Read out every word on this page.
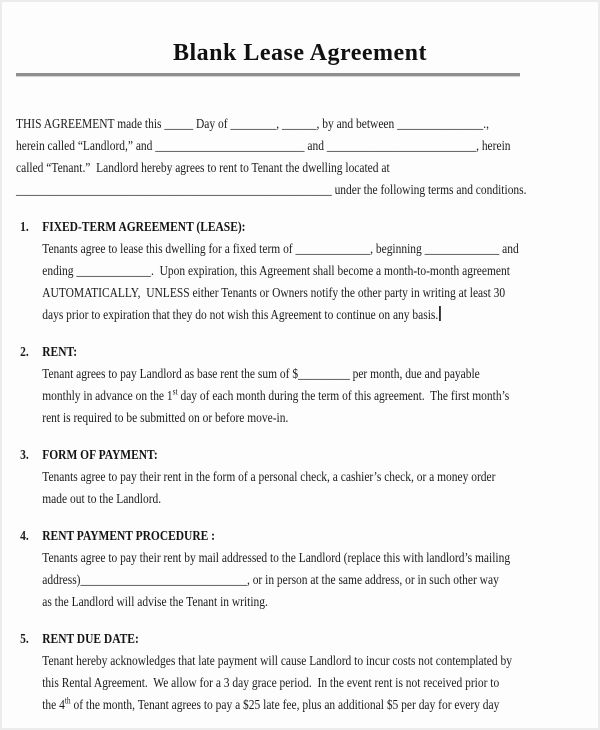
Blank Lease Agreement
THIS AGREEMENT made this _____ Day of ________, ______, by and between _______________.,
herein called “Landlord,” and __________________________ and __________________________, herein
called “Tenant.”  Landlord hereby agrees to rent to Tenant the dwelling located at
_______________________________________________________ under the following terms and conditions.
1. FIXED-TERM AGREEMENT (LEASE):
Tenants agree to lease this dwelling for a fixed term of _____________, beginning _____________ and
ending _____________.  Upon expiration, this Agreement shall become a month-to-month agreement
AUTOMATICALLY,  UNLESS either Tenants or Owners notify the other party in writing at least 30
days prior to expiration that they do not wish this Agreement to continue on any basis.
2. RENT:
Tenant agrees to pay Landlord as base rent the sum of $_________ per month, due and payable
monthly in advance on the 1st day of each month during the term of this agreement.  The first month’s
rent is required to be submitted on or before move-in.
3. FORM OF PAYMENT:
Tenants agree to pay their rent in the form of a personal check, a cashier’s check, or a money order
made out to the Landlord.
4. RENT PAYMENT PROCEDURE :
Tenants agree to pay their rent by mail addressed to the Landlord (replace this with landlord’s mailing
address)_____________________________, or in person at the same address, or in such other way
as the Landlord will advise the Tenant in writing.
5. RENT DUE DATE:
Tenant hereby acknowledges that late payment will cause Landlord to incur costs not contemplated by
this Rental Agreement.  We allow for a 3 day grace period.  In the event rent is not received prior to
the 4th of the month, Tenant agrees to pay a $25 late fee, plus an additional $5 per day for every day
